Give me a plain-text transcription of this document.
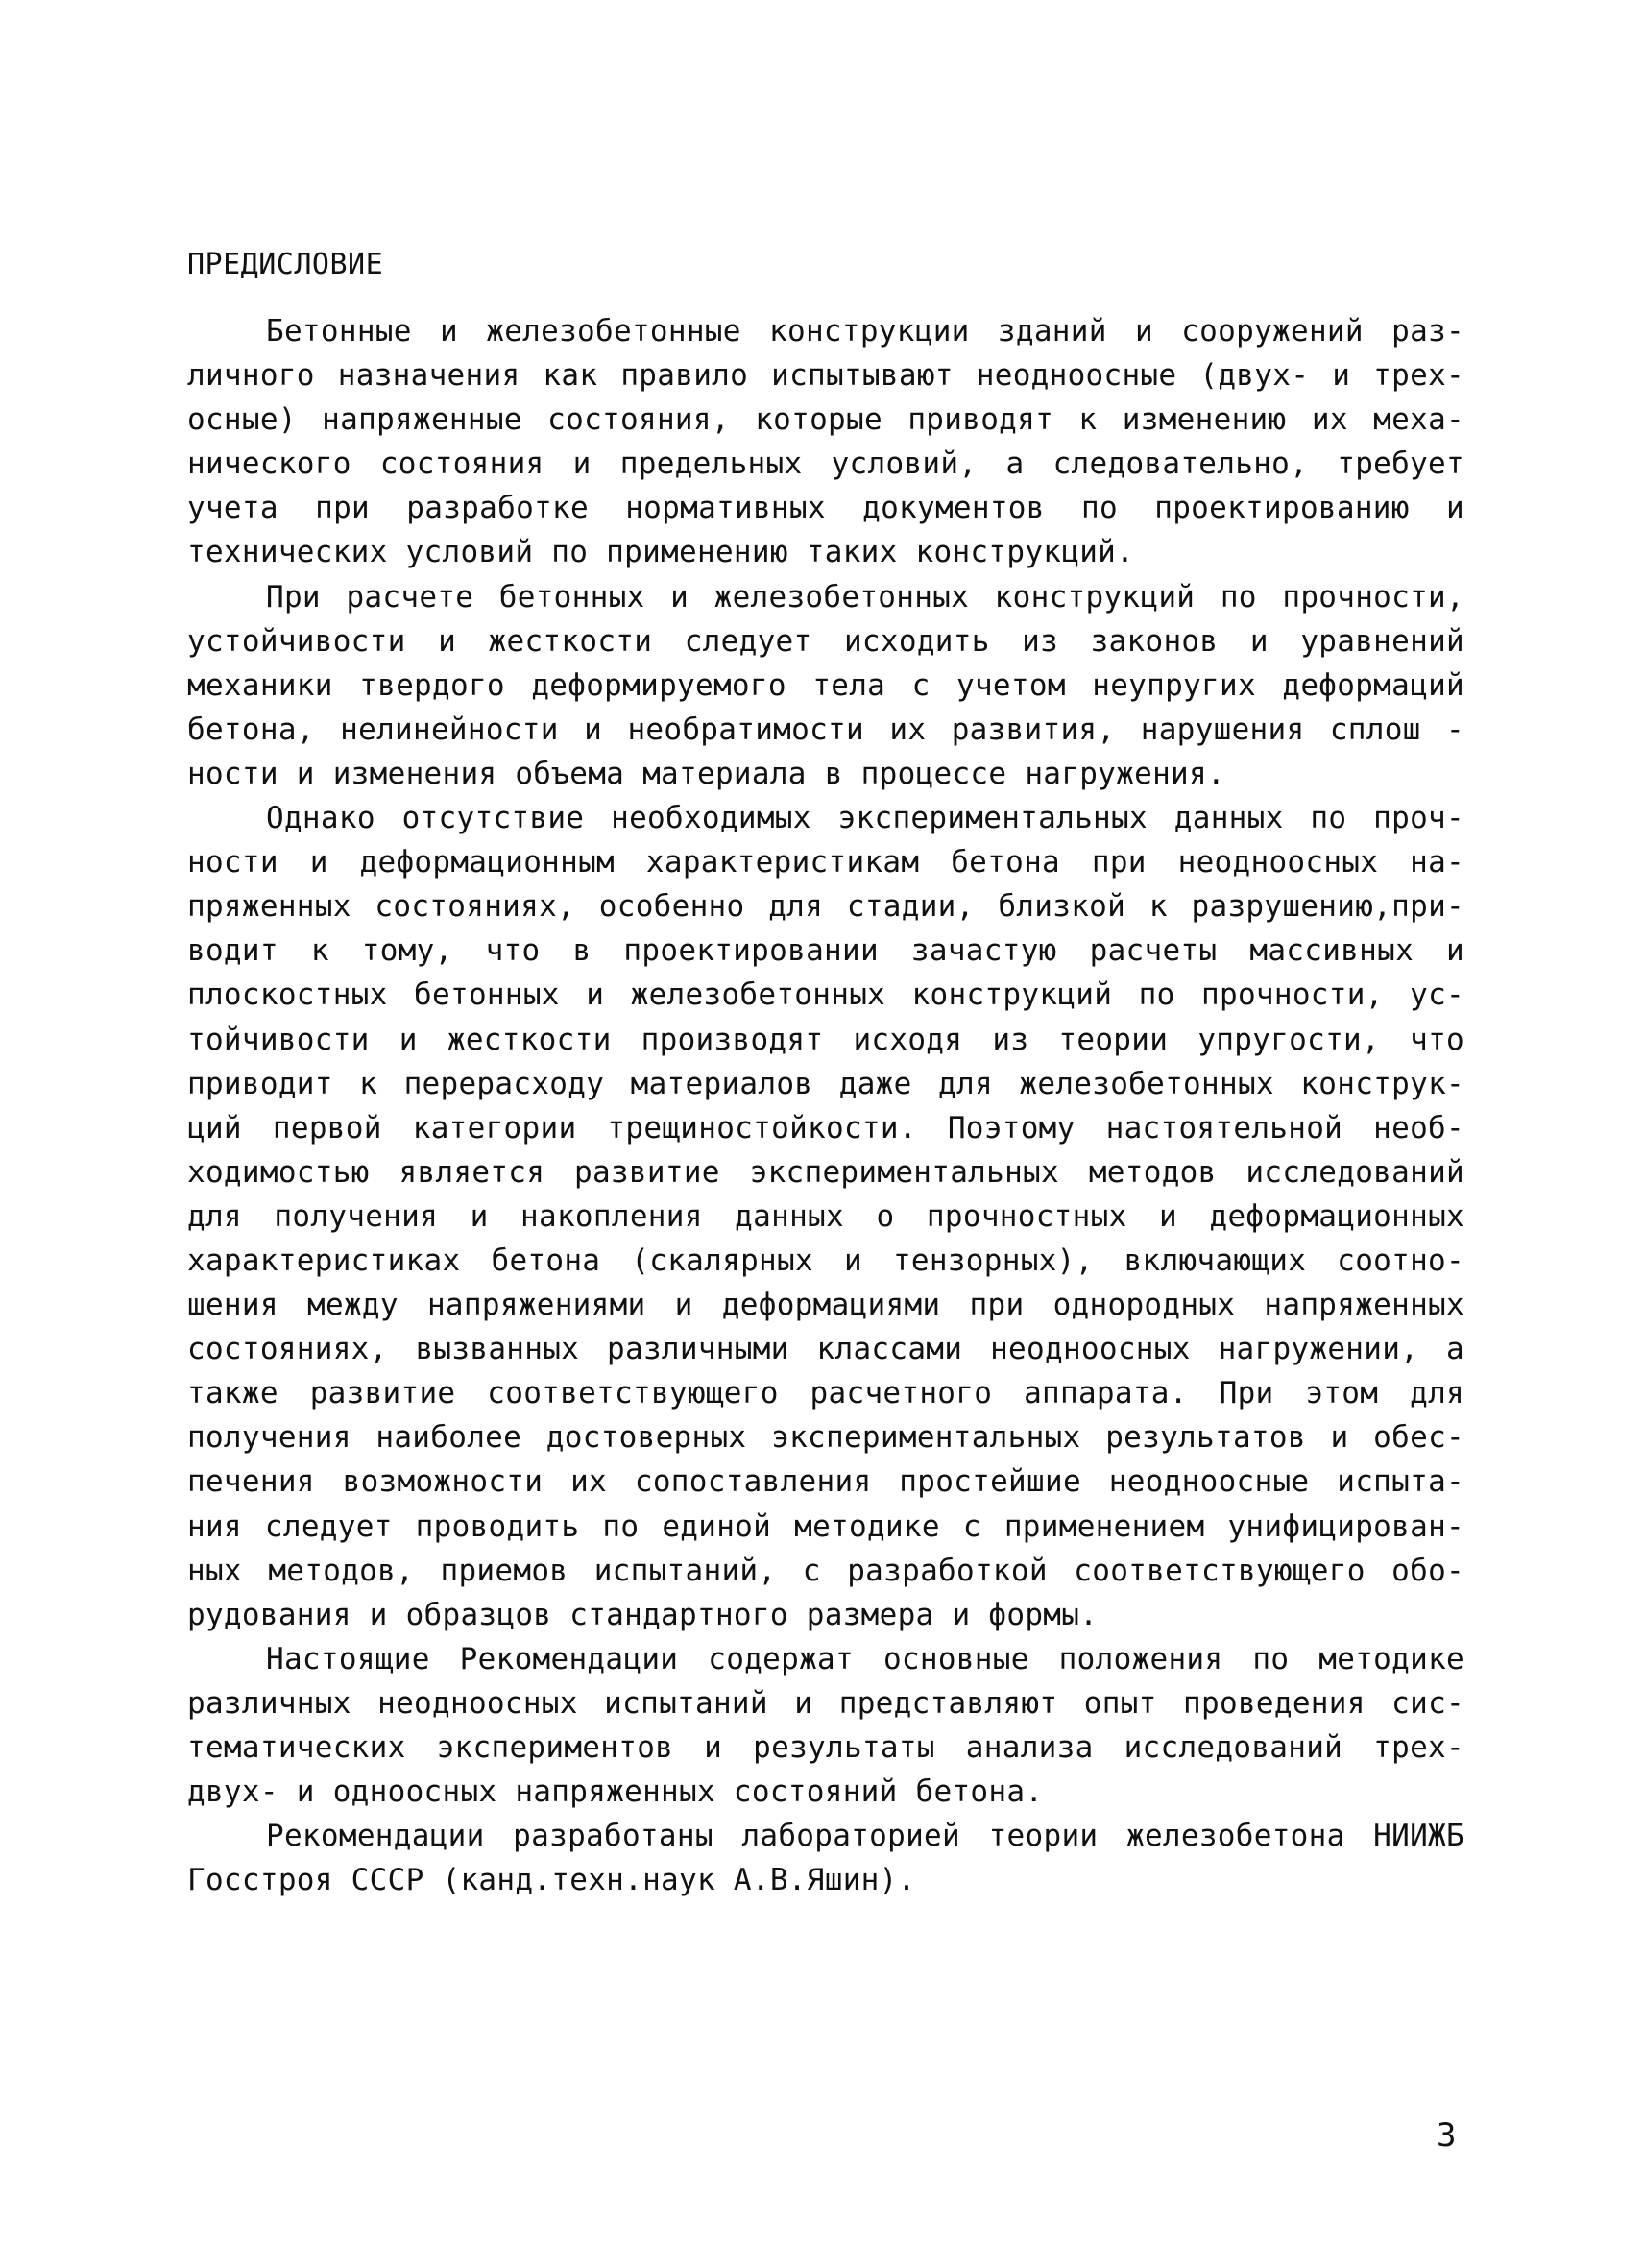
ПРЕДИСЛОВИЕ
Бетонные и железобетонные конструкции зданий и сооружений раз-
личного назначения как правило испытывают неодноосные (двух- и трех-
осные) напряженные состояния, которые приводят к изменению их меха-
нического состояния и предельных условий, а следовательно, требует
учета при разработке нормативных документов по проектированию и
технических условий по применению таких конструкций.
При расчете бетонных и железобетонных конструкций по прочности,
устойчивости и жесткости следует исходить из законов и уравнений
механики твердого деформируемого тела с учетом неупругих деформаций
бетона, нелинейности и необратимости их развития, нарушения сплош -
ности и изменения объема материала в процессе нагружения.
Однако отсутствие необходимых экспериментальных данных по проч-
ности и деформационным характеристикам бетона при неодноосных на-
пряженных состояниях, особенно для стадии, близкой к разрушению,при-
водит к тому, что в проектировании зачастую расчеты массивных и
плоскостных бетонных и железобетонных конструкций по прочности, ус-
тойчивости и жесткости производят исходя из теории упругости, что
приводит к перерасходу материалов даже для железобетонных конструк-
ций первой категории трещиностойкости. Поэтому настоятельной необ-
ходимостью является развитие экспериментальных методов исследований
для получения и накопления данных о прочностных и деформационных
характеристиках бетона (скалярных и тензорных), включающих соотно-
шения между напряжениями и деформациями при однородных напряженных
состояниях, вызванных различными классами неодноосных нагружении, а
также развитие соответствующего расчетного аппарата. При этом для
получения наиболее достоверных экспериментальных результатов и обес-
печения возможности их сопоставления простейшие неодноосные испыта-
ния следует проводить по единой методике с применением унифицирован-
ных методов, приемов испытаний, с разработкой соответствующего обо-
рудования и образцов стандартного размера и формы.
Настоящие Рекомендации содержат основные положения по методике
различных неодноосных испытаний и представляют опыт проведения сис-
тематических экспериментов и результаты анализа исследований трех-
двух- и одноосных напряженных состояний бетона.
Рекомендации разработаны лабораторией теории железобетона НИИЖБ
Госстроя СССР (канд.техн.наук А.В.Яшин).
3
